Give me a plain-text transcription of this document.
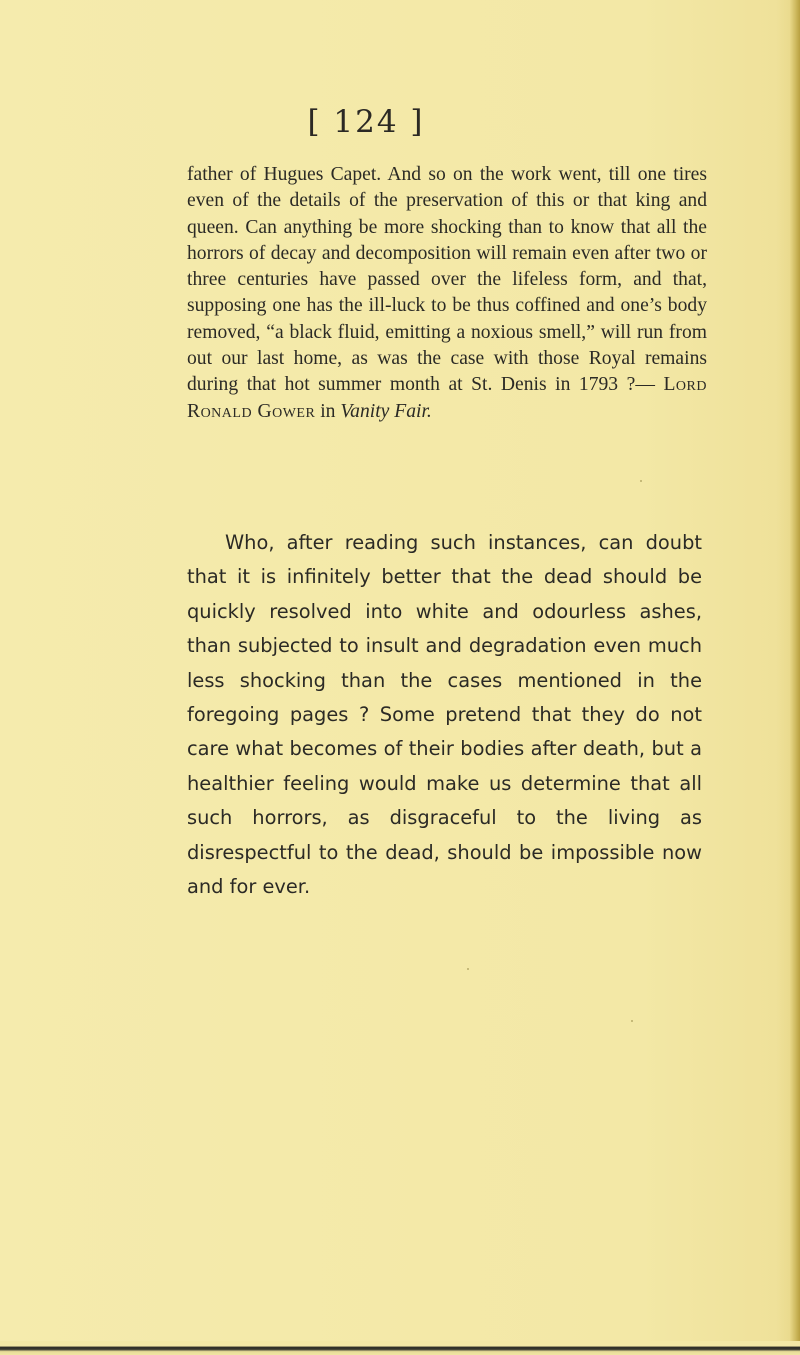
[ 124 ]

father of Hugues Capet. And so on the work went, till one tires even of the details of the preservation of this or that king and queen. Can anything be more shocking than to know that all the horrors of decay and decomposition will remain even after two or three centuries have passed over the lifeless form, and that, supposing one has the ill-luck to be thus coffined and one’s body removed, “a black fluid, emitting a noxious smell,” will run from out our last home, as was the case with those Royal remains during that hot summer month at St. Denis in 1793 ?— Lord Ronald Gower in Vanity Fair.

Who, after reading such instances, can doubt that it is infinitely better that the dead should be quickly resolved into white and odourless ashes, than subjected to insult and degradation even much less shocking than the cases mentioned in the foregoing pages ? Some pretend that they do not care what becomes of their bodies after death, but a healthier feeling would make us determine that all such horrors, as disgraceful to the living as disrespectful to the dead, should be impossible now and for ever.
